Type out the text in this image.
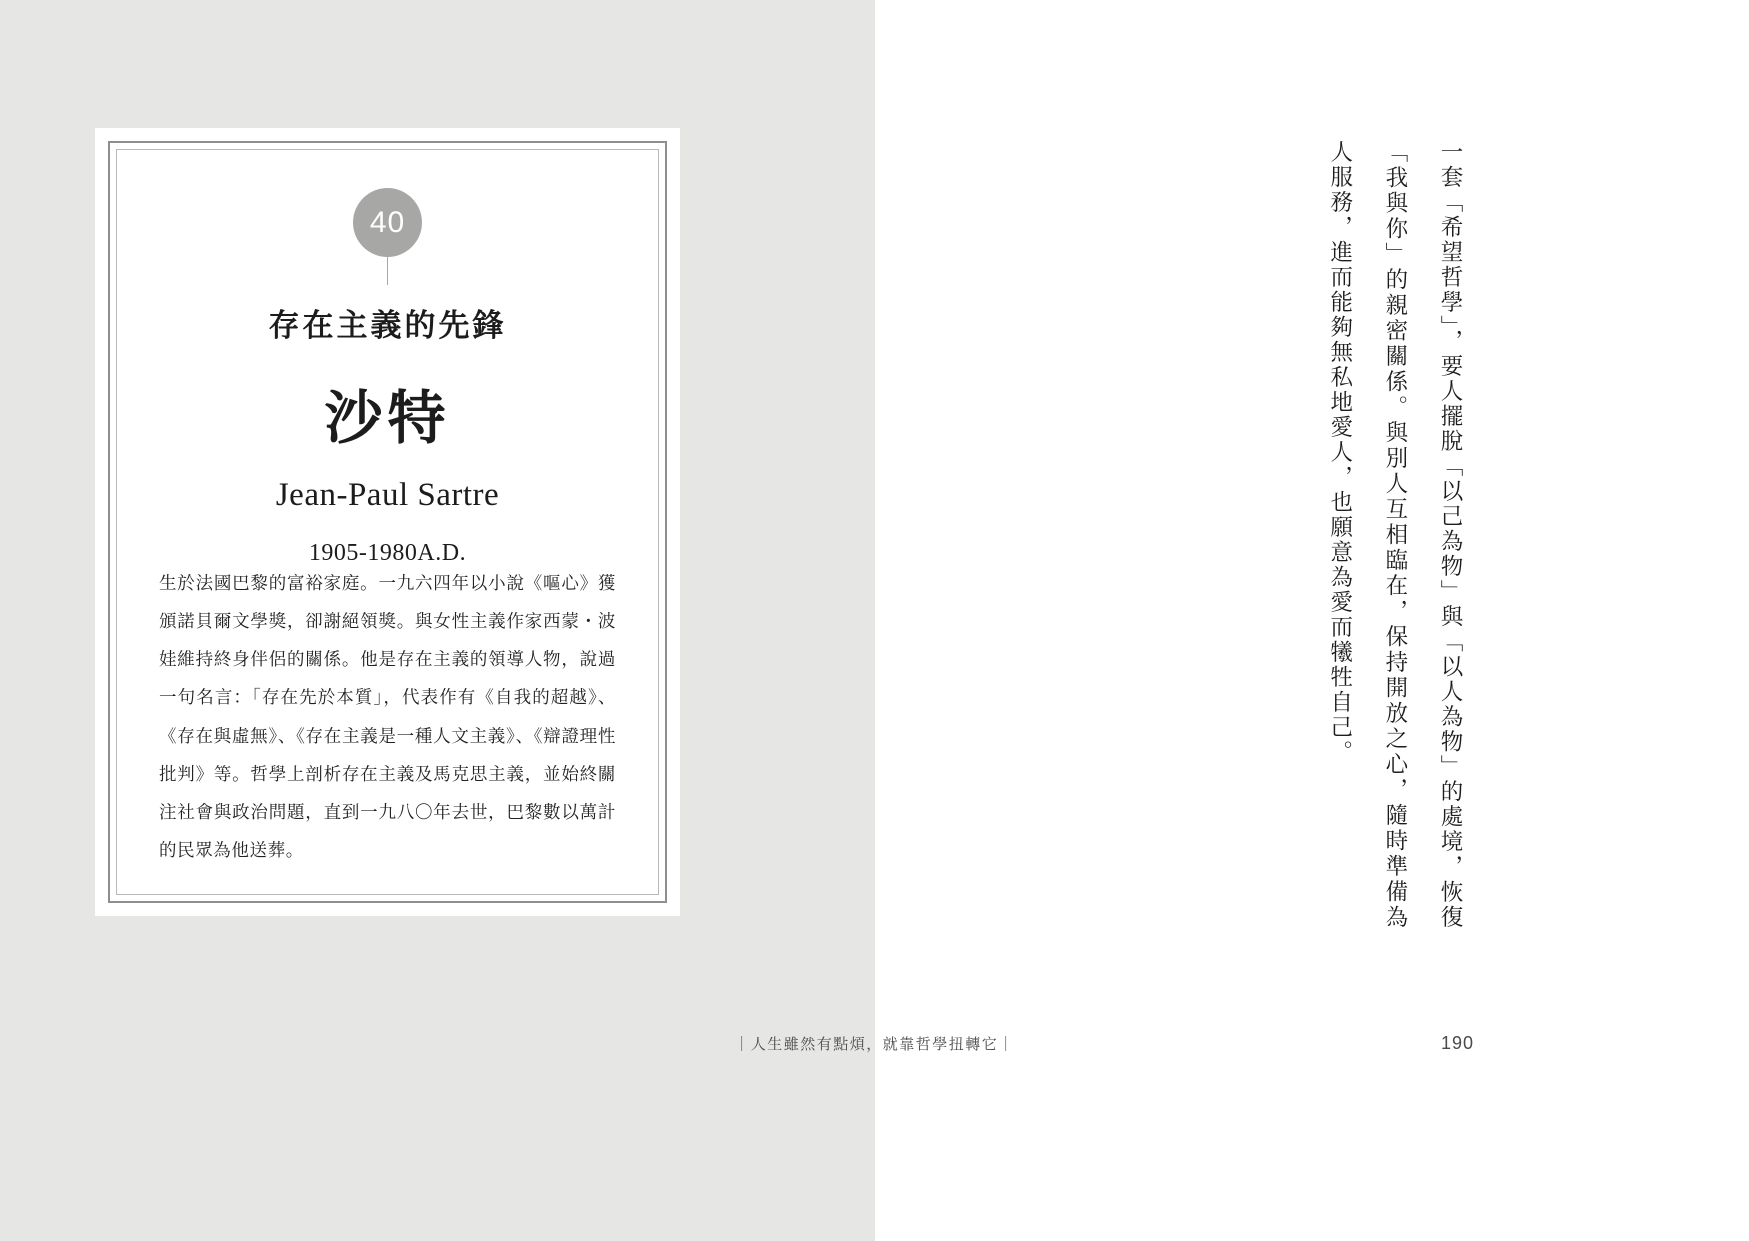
40
存在主義的先鋒
沙特
Jean-Paul Sartre
1905-1980A.D.
生於法國巴黎的富裕家庭。一九六四年以小說《嘔心》獲頒諾貝爾文學獎，卻謝絕領獎。與女性主義作家西蒙・波娃維持終身伴侶的關係。他是存在主義的領導人物，說過一句名言：「存在先於本質」，代表作有《自我的超越》、《存在與虛無》、《存在主義是一種人文主義》、《辯證理性批判》等。哲學上剖析存在主義及馬克思主義，並始終關注社會與政治問題，直到一九八〇年去世，巴黎數以萬計的民眾為他送葬。	一套「希望哲學」，要人擺脫「以己為物」與「以人為物」的處境，恢復「我與你」的親密關係。與別人互相臨在，保持開放之心，隨時準備為人服務，進而能夠無私地愛人，也願意為愛而犧牲自己。
｜人生雖然有點煩，就靠哲學扭轉它｜	190
